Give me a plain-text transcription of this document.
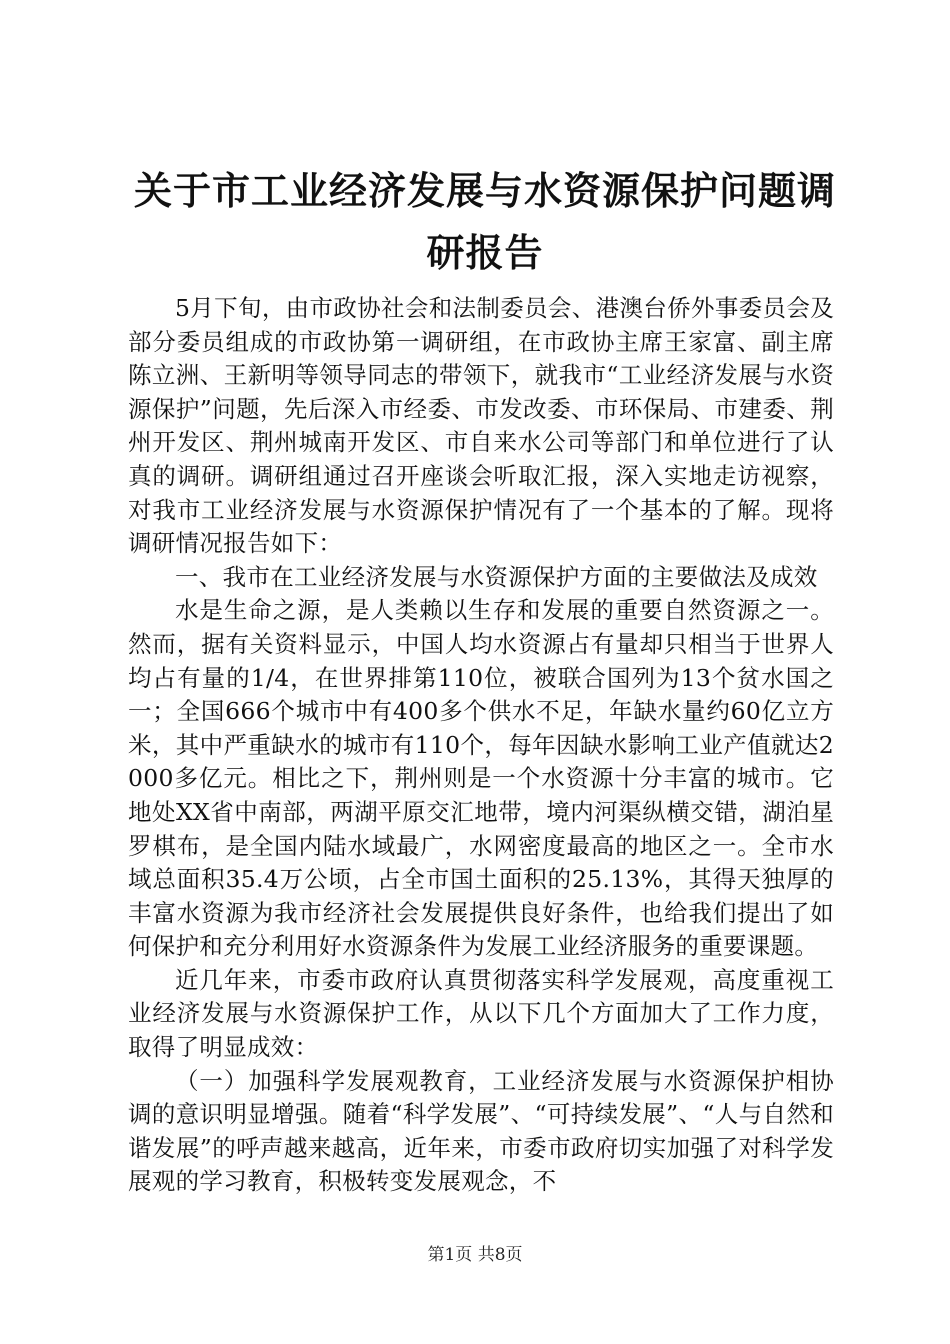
关于市工业经济发展与水资源保护问题调研报告

5月下旬，由市政协社会和法制委员会、港澳台侨外事委员会及部分委员组成的市政协第一调研组，在市政协主席王家富、副主席陈立洲、王新明等领导同志的带领下，就我市“工业经济发展与水资源保护”问题，先后深入市经委、市发改委、市环保局、市建委、荆州开发区、荆州城南开发区、市自来水公司等部门和单位进行了认真的调研。调研组通过召开座谈会听取汇报，深入实地走访视察，对我市工业经济发展与水资源保护情况有了一个基本的了解。现将调研情况报告如下：

一、我市在工业经济发展与水资源保护方面的主要做法及成效

水是生命之源，是人类赖以生存和发展的重要自然资源之一。然而，据有关资料显示，中国人均水资源占有量却只相当于世界人均占有量的1/4，在世界排第110位，被联合国列为13个贫水国之一；全国666个城市中有400多个供水不足，年缺水量约60亿立方米，其中严重缺水的城市有110个，每年因缺水影响工业产值就达2000多亿元。相比之下，荆州则是一个水资源十分丰富的城市。它地处XX省中南部，两湖平原交汇地带，境内河渠纵横交错，湖泊星罗棋布，是全国内陆水域最广，水网密度最高的地区之一。全市水域总面积35.4万公顷，占全市国土面积的25.13%，其得天独厚的丰富水资源为我市经济社会发展提供良好条件，也给我们提出了如何保护和充分利用好水资源条件为发展工业经济服务的重要课题。

近几年来，市委市政府认真贯彻落实科学发展观，高度重视工业经济发展与水资源保护工作，从以下几个方面加大了工作力度，取得了明显成效：

（一）加强科学发展观教育，工业经济发展与水资源保护相协调的意识明显增强。随着“科学发展”、“可持续发展”、“人与自然和谐发展”的呼声越来越高，近年来，市委市政府切实加强了对科学发展观的学习教育，积极转变发展观念，不

第1页 共8页
